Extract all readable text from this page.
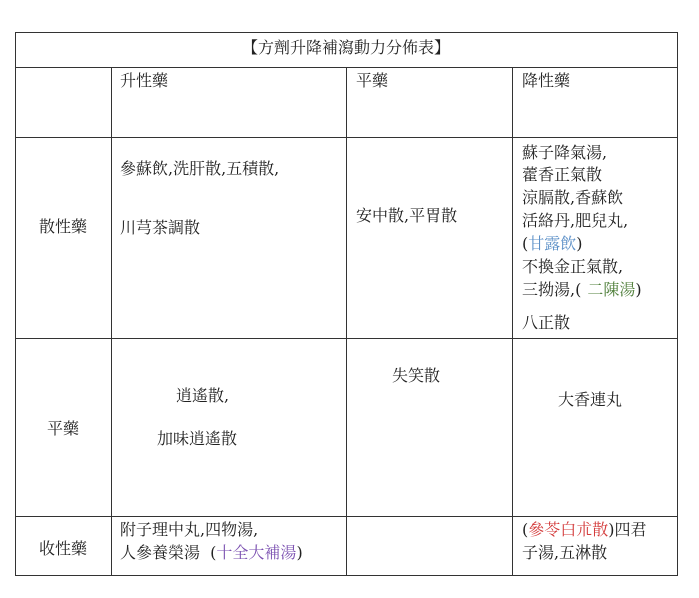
【方劑升降補瀉動力分佈表】
升性藥	平藥	降性藥
散性藥
參蘇飲,洗肝散,五積散,
川芎茶調散
安中散,平胃散
蘇子降氣湯,
藿香正氣散
涼膈散,香蘇飲
活絡丹,肥兒丸,
(甘露飲)
不換金正氣散,
三拗湯,( 二陳湯)
八正散
平藥
逍遙散,
加味逍遙散
失笑散
大香連丸
收性藥
附子理中丸,四物湯,
人參養榮湯  (十全大補湯)
(參苓白朮散)四君
子湯,五淋散
